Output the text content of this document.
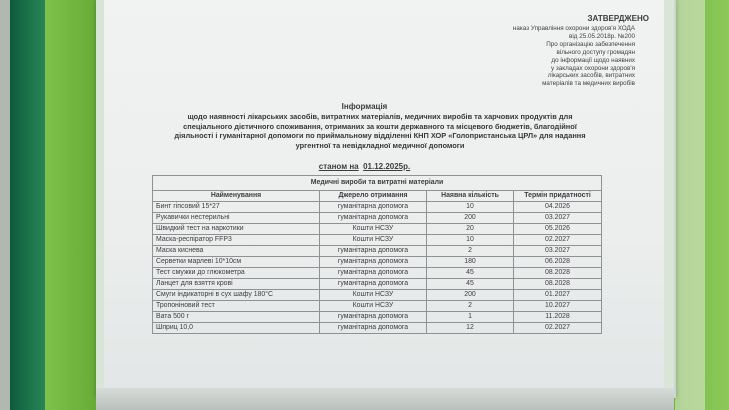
ЗАТВЕРДЖЕНО
наказ Управління охорони здоров'я ХОДА
від 25.05.2018р. №200
Про організацію забезпечення
вільного доступу громадян
до інформації щодо наявних
у закладах охорони здоров'я
лікарських засобів, витратних
матеріалів та медичних виробів
Інформація
щодо наявності лікарських засобів, витратних матеріалів, медичних виробів та харчових продуктів для
спеціального дієтичного споживання, отриманих за кошти державного та місцевого бюджетів, благодійної
діяльності і гуманітарної допомоги по приймальному відділенні КНП ХОР «Голопристанська ЦРЛ» для надання
ургентної та невідкладної медичної допомоги
станом на 01.12.2025р.
Медичні вироби та витратні матеріали			
Найменування	Джерело отримання	Наявна кількість	Термін придатності
Бинт гіпсовий 15*27	гуманітарна допомога	10	04.2026
Рукавички нестерильні	гуманітарна допомога	200	03.2027
Швидкий тест на наркотики	Кошти НСЗУ	20	05.2026
Маска-респіратор FFP3	Кошти НСЗУ	10	02.2027
Маска киснева	гуманітарна допомога	2	03.2027
Серветки марлеві 10*10см	гуманітарна допомога	180	06.2028
Тест смужки до глюкометра	гуманітарна допомога	45	08.2028
Ланцет для взяття крові	гуманітарна допомога	45	08.2028
Смуги індикаторні в сух шафу 180°С	Кошти НСЗУ	200	01.2027
Тропоніновий тест	Кошти НСЗУ	2	10.2027
Вата 500 г	гуманітарна допомога	1	11.2028
Шприц 10,0	гуманітарна допомога	12	02.2027
